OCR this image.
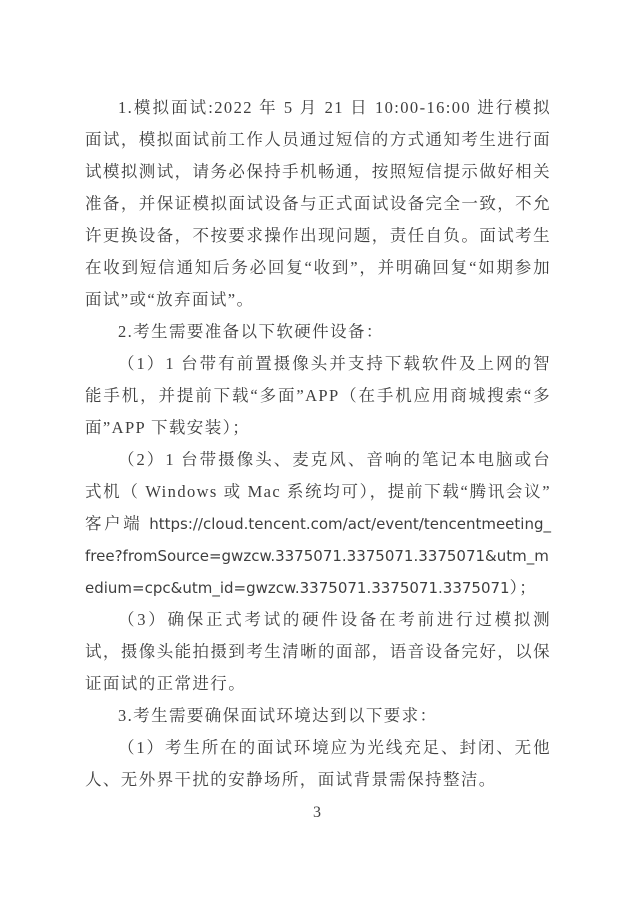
1.模拟面试:2022 年 5 月 21 日 10:00-16:00 进行模拟面试，模拟面试前工作人员通过短信的方式通知考生进行面试模拟测试，请务必保持手机畅通，按照短信提示做好相关准备，并保证模拟面试设备与正式面试设备完全一致，不允许更换设备，不按要求操作出现问题，责任自负。面试考生在收到短信通知后务必回复“收到”，并明确回复“如期参加面试”或“放弃面试”。

2.考生需要准备以下软硬件设备：

（1）1 台带有前置摄像头并支持下载软件及上网的智能手机，并提前下载“多面”APP（在手机应用商城搜索“多面”APP 下载安装）；

（2）1 台带摄像头、麦克风、音响的笔记本电脑或台式机（ Windows 或 Mac 系统均可），提前下载“腾讯会议”客户端 https://cloud.tencent.com/act/event/tencentmeeting_free?fromSource=gwzcw.3375071.3375071.3375071&utm_medium=cpc&utm_id=gwzcw.3375071.3375071.3375071）；

（3）确保正式考试的硬件设备在考前进行过模拟测试，摄像头能拍摄到考生清晰的面部，语音设备完好，以保证面试的正常进行。

3.考生需要确保面试环境达到以下要求：

（1）考生所在的面试环境应为光线充足、封闭、无他人、无外界干扰的安静场所，面试背景需保持整洁。

3
